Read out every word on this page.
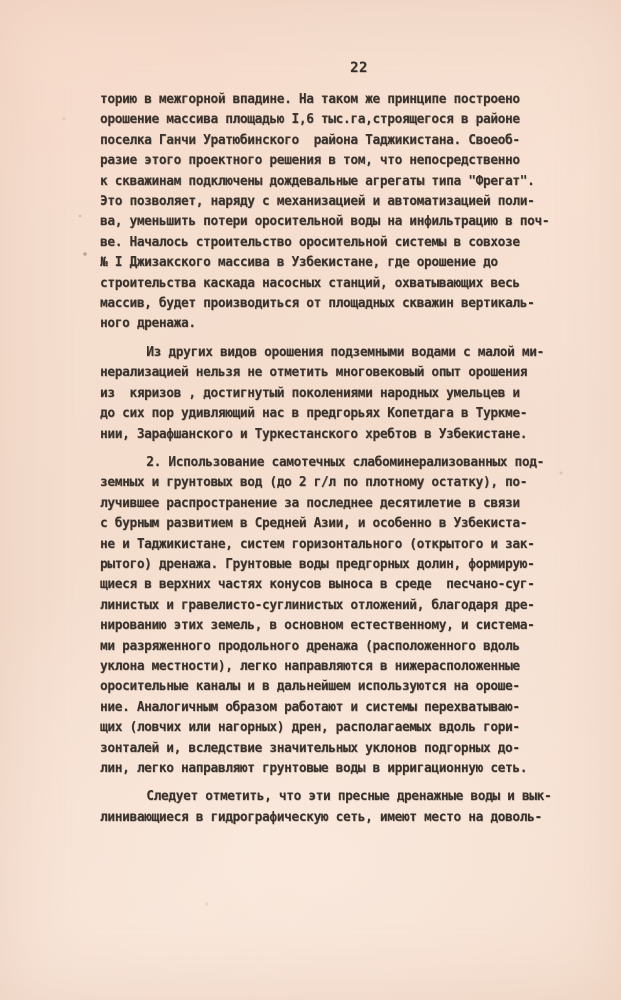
22

торию в межгорной впадине. На таком же принципе построено
орошение массива площадью I,6 тыс.га,строящегося в районе
поселка Ганчи Уратюбинского  района Таджикистана. Своеоб-
разие этого проектного решения в том, что непосредственно
к скважинам подключены дождевальные агрегаты типа "Фрегат".
Это позволяет, наряду с механизацией и автоматизацией поли-
ва, уменьшить потери оросительной воды на инфильтрацию в поч-
ве. Началось строительство оросительной системы в совхозе
№ I Джизакского массива в Узбекистане, где орошение до
строительства каскада насосных станций, охватывающих весь
массив, будет производиться от площадных скважин вертикаль-
ного дренажа.

Из других видов орошения подземными водами с малой ми-
нерализацией нельзя не отметить многовековый опыт орошения
из  кяризов , достигнутый поколениями народных умельцев и
до сих пор удивляющий нас в предгорьях Копетдага в Туркме-
нии, Зарафшанского и Туркестанского хребтов в Узбекистане.

2. Использование самотечных слабоминерализованных под-
земных и грунтовых вод (до 2 г/л по плотному остатку), по-
лучившее распространение за последнее десятилетие в связи
с бурным развитием в Средней Азии, и особенно в Узбекиста-
не и Таджикистане, систем горизонтального (открытого и зак-
рытого) дренажа. Грунтовые воды предгорных долин, формирую-
щиеся в верхних частях конусов выноса в среде  песчано-суг-
линистых и гравелисто-суглинистых отложений, благодаря дре-
нированию этих земель, в основном естественному, и система-
ми разряженного продольного дренажа (расположенного вдоль
уклона местности), легко направляются в нижерасположенные
оросительные каналы и в дальнейшем используются на ороше-
ние. Аналогичным образом работают и системы перехватываю-
щих (ловчих или нагорных) дрен, располагаемых вдоль гори-
зонталей и, вследствие значительных уклонов подгорных до-
лин, легко направляют грунтовые воды в ирригационную сеть.

Следует отметить, что эти пресные дренажные воды и вык-
линивающиеся в гидрографическую сеть, имеют место на доволь-
